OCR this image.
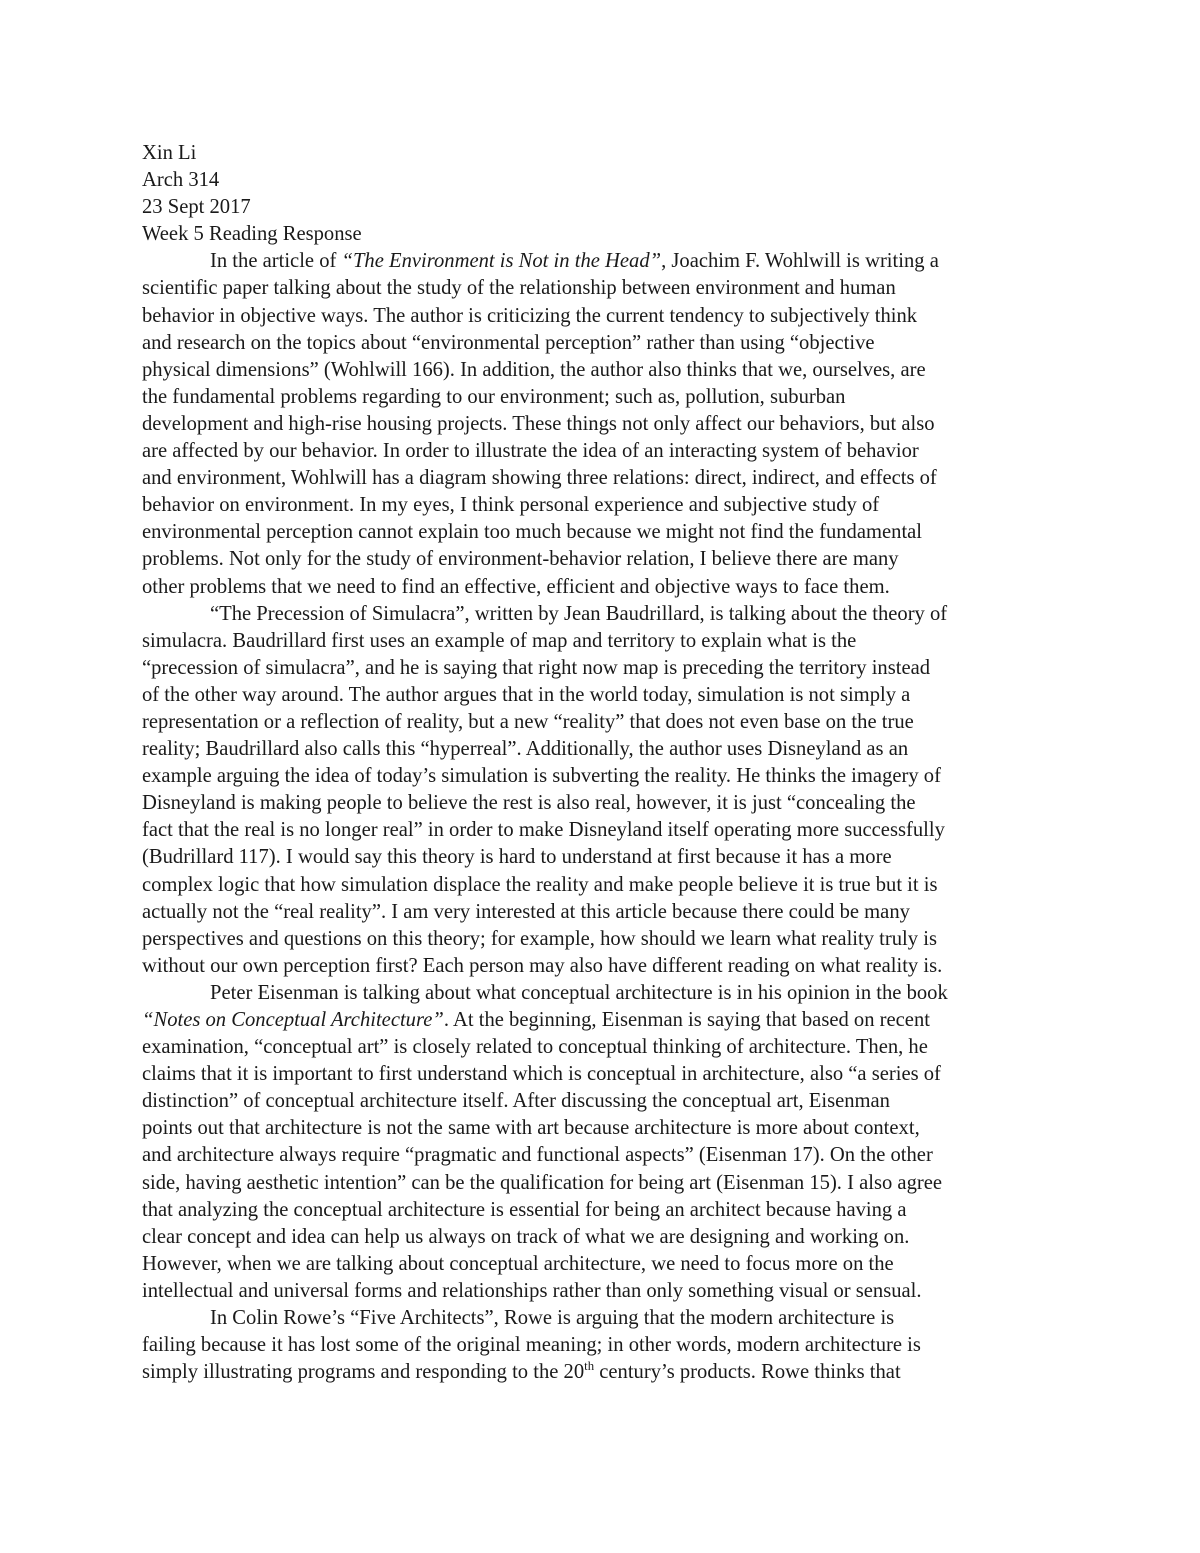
Xin Li
Arch 314
23 Sept 2017
Week 5 Reading Response
In the article of “The Environment is Not in the Head”, Joachim F. Wohlwill is writing a
scientific paper talking about the study of the relationship between environment and human
behavior in objective ways. The author is criticizing the current tendency to subjectively think
and research on the topics about “environmental perception” rather than using “objective
physical dimensions” (Wohlwill 166). In addition, the author also thinks that we, ourselves, are
the fundamental problems regarding to our environment; such as, pollution, suburban
development and high-rise housing projects. These things not only affect our behaviors, but also
are affected by our behavior. In order to illustrate the idea of an interacting system of behavior
and environment, Wohlwill has a diagram showing three relations: direct, indirect, and effects of
behavior on environment. In my eyes, I think personal experience and subjective study of
environmental perception cannot explain too much because we might not find the fundamental
problems. Not only for the study of environment-behavior relation, I believe there are many
other problems that we need to find an effective, efficient and objective ways to face them.
“The Precession of Simulacra”, written by Jean Baudrillard, is talking about the theory of
simulacra. Baudrillard first uses an example of map and territory to explain what is the
“precession of simulacra”, and he is saying that right now map is preceding the territory instead
of the other way around. The author argues that in the world today, simulation is not simply a
representation or a reflection of reality, but a new “reality” that does not even base on the true
reality; Baudrillard also calls this “hyperreal”. Additionally, the author uses Disneyland as an
example arguing the idea of today’s simulation is subverting the reality. He thinks the imagery of
Disneyland is making people to believe the rest is also real, however, it is just “concealing the
fact that the real is no longer real” in order to make Disneyland itself operating more successfully
(Budrillard 117). I would say this theory is hard to understand at first because it has a more
complex logic that how simulation displace the reality and make people believe it is true but it is
actually not the “real reality”. I am very interested at this article because there could be many
perspectives and questions on this theory; for example, how should we learn what reality truly is
without our own perception first? Each person may also have different reading on what reality is.
Peter Eisenman is talking about what conceptual architecture is in his opinion in the book
“Notes on Conceptual Architecture”. At the beginning, Eisenman is saying that based on recent
examination, “conceptual art” is closely related to conceptual thinking of architecture. Then, he
claims that it is important to first understand which is conceptual in architecture, also “a series of
distinction” of conceptual architecture itself. After discussing the conceptual art, Eisenman
points out that architecture is not the same with art because architecture is more about context,
and architecture always require “pragmatic and functional aspects” (Eisenman 17). On the other
side, having aesthetic intention” can be the qualification for being art (Eisenman 15). I also agree
that analyzing the conceptual architecture is essential for being an architect because having a
clear concept and idea can help us always on track of what we are designing and working on.
However, when we are talking about conceptual architecture, we need to focus more on the
intellectual and universal forms and relationships rather than only something visual or sensual.
In Colin Rowe’s “Five Architects”, Rowe is arguing that the modern architecture is
failing because it has lost some of the original meaning; in other words, modern architecture is
simply illustrating programs and responding to the 20th century’s products. Rowe thinks that
